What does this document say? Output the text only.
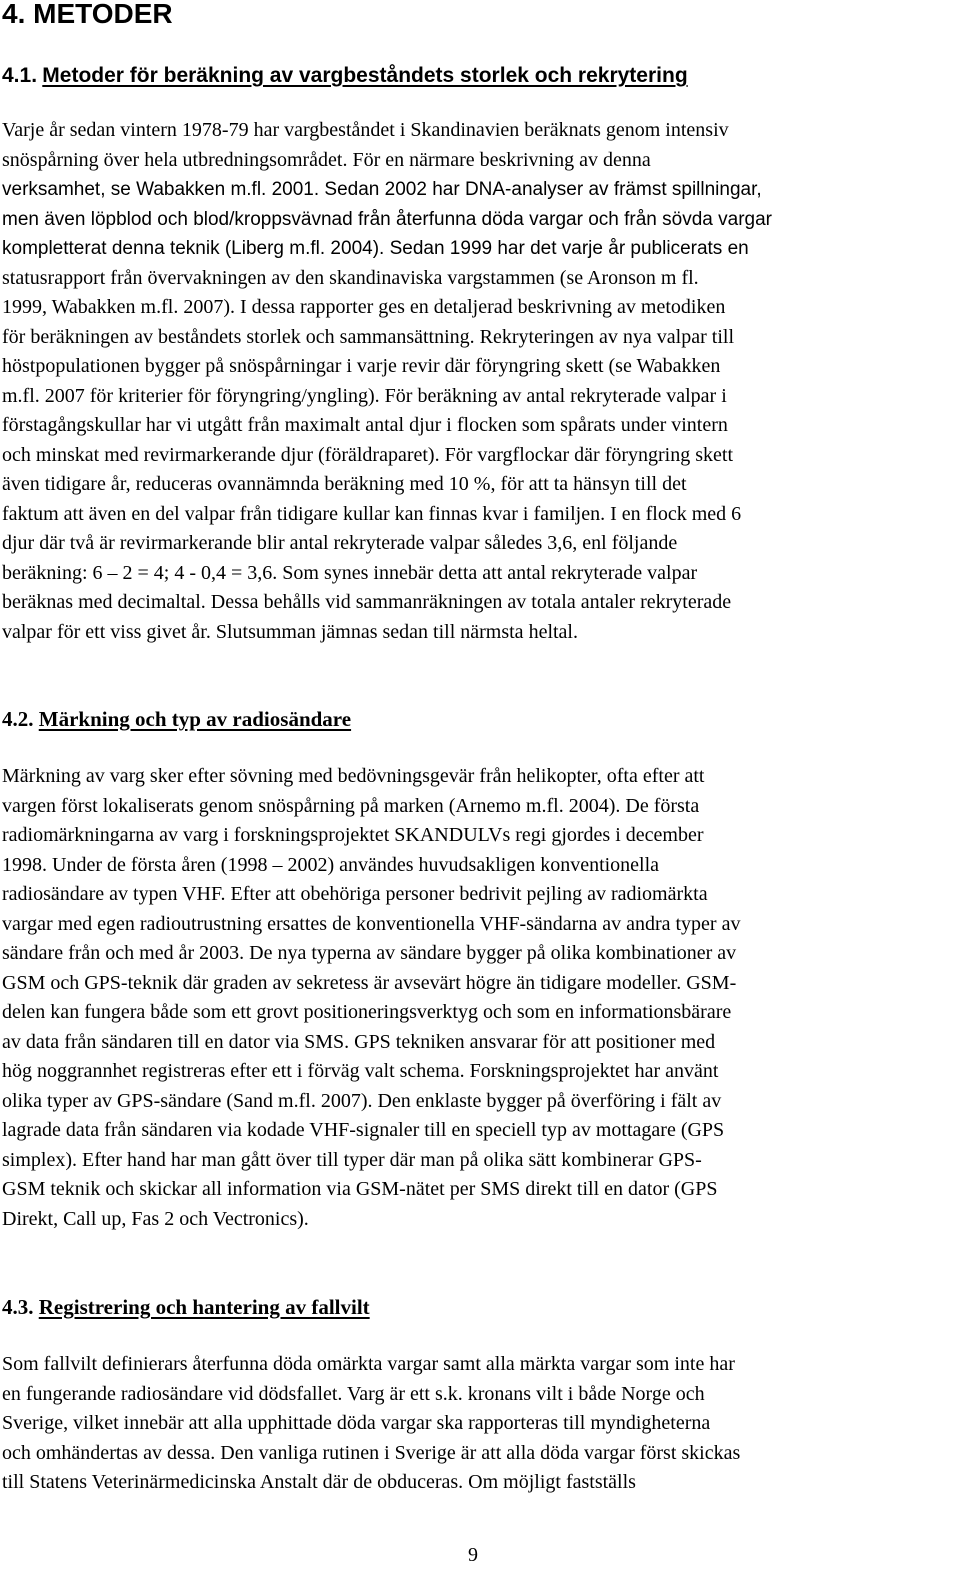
4. METODER
4.1. Metoder för beräkning av vargbeståndets storlek och rekrytering
Varje år sedan vintern 1978-79 har vargbeståndet i Skandinavien beräknats genom intensiv
snöspårning över hela utbredningsområdet. För en närmare beskrivning av denna
verksamhet, se Wabakken m.fl. 2001. Sedan 2002 har DNA-analyser av främst spillningar,
men även löpblod och blod/kroppsvävnad från återfunna döda vargar och från sövda vargar
kompletterat denna teknik (Liberg m.fl. 2004). Sedan 1999 har det varje år publicerats en
statusrapport från övervakningen av den skandinaviska vargstammen (se Aronson m fl.
1999, Wabakken m.fl. 2007). I dessa rapporter ges en detaljerad beskrivning av metodiken
för beräkningen av beståndets storlek och sammansättning. Rekryteringen av nya valpar till
höstpopulationen bygger på snöspårningar i varje revir där föryngring skett (se Wabakken
m.fl. 2007 för kriterier för föryngring/yngling). För beräkning av antal rekryterade valpar i
förstagångskullar har vi utgått från maximalt antal djur i flocken som spårats under vintern
och minskat med revirmarkerande djur (föräldraparet). För vargflockar där föryngring skett
även tidigare år, reduceras ovannämnda beräkning med 10 %, för att ta hänsyn till det
faktum att även en del valpar från tidigare kullar kan finnas kvar i familjen. I en flock med 6
djur där två är revirmarkerande blir antal rekryterade valpar således 3,6, enl följande
beräkning: 6 – 2 = 4; 4 - 0,4 = 3,6. Som synes innebär detta att antal rekryterade valpar
beräknas med decimaltal. Dessa behålls vid sammanräkningen av totala antaler rekryterade
valpar för ett viss givet år. Slutsumman jämnas sedan till närmsta heltal.
4.2. Märkning och typ av radiosändare
Märkning av varg sker efter sövning med bedövningsgevär från helikopter, ofta efter att
vargen först lokaliserats genom snöspårning på marken (Arnemo m.fl. 2004). De första
radiomärkningarna av varg i forskningsprojektet SKANDULVs regi gjordes i december
1998. Under de första åren (1998 – 2002) användes huvudsakligen konventionella
radiosändare av typen VHF. Efter att obehöriga personer bedrivit pejling av radiomärkta
vargar med egen radioutrustning ersattes de konventionella VHF-sändarna av andra typer av
sändare från och med år 2003. De nya typerna av sändare bygger på olika kombinationer av
GSM och GPS-teknik där graden av sekretess är avsevärt högre än tidigare modeller. GSM-
delen kan fungera både som ett grovt positioneringsverktyg och som en informationsbärare
av data från sändaren till en dator via SMS. GPS tekniken ansvarar för att positioner med
hög noggrannhet registreras efter ett i förväg valt schema. Forskningsprojektet har använt
olika typer av GPS-sändare (Sand m.fl. 2007). Den enklaste bygger på överföring i fält av
lagrade data från sändaren via kodade VHF-signaler till en speciell typ av mottagare (GPS
simplex). Efter hand har man gått över till typer där man på olika sätt kombinerar GPS-
GSM teknik och skickar all information via GSM-nätet per SMS direkt till en dator (GPS
Direkt, Call up, Fas 2 och Vectronics).
4.3. Registrering och hantering av fallvilt
Som fallvilt definierars återfunna döda omärkta vargar samt alla märkta vargar som inte har
en fungerande radiosändare vid dödsfallet. Varg är ett s.k. kronans vilt i både Norge och
Sverige, vilket innebär att alla upphittade döda vargar ska rapporteras till myndigheterna
och omhändertas av dessa. Den vanliga rutinen i Sverige är att alla döda vargar först skickas
till Statens Veterinärmedicinska Anstalt där de obduceras. Om möjligt fastställs
9
